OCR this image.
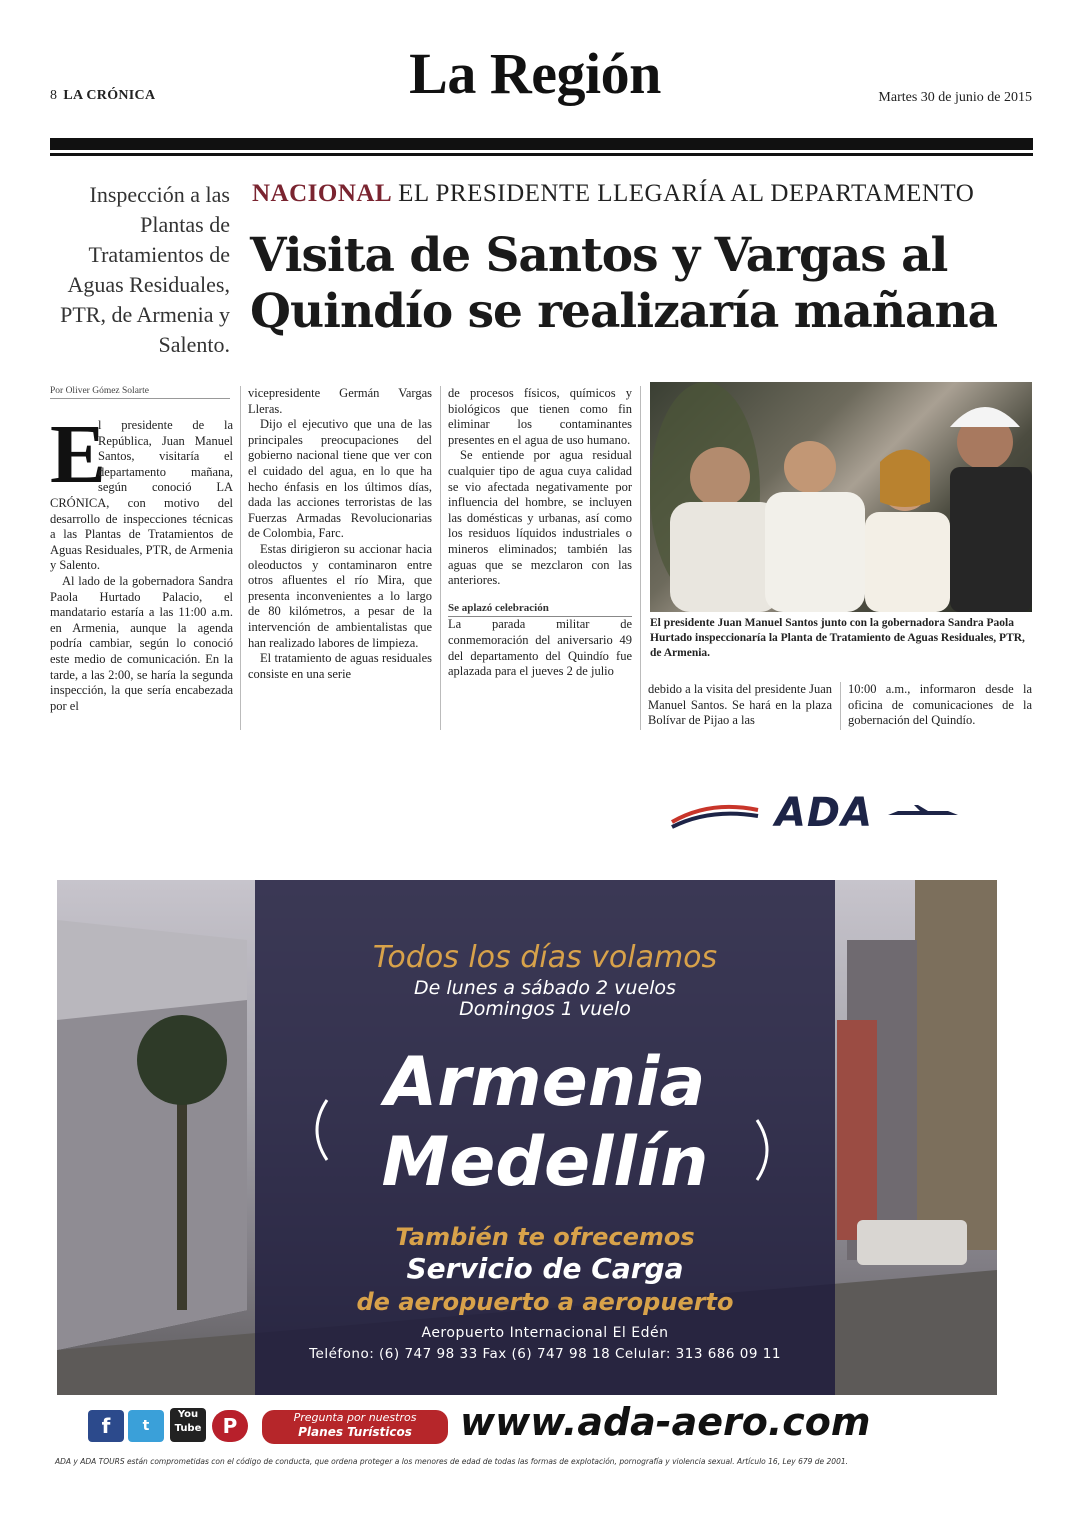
8 LA CRÓNICA	La Región	Martes 30 de junio de 2015
Inspección a las Plantas de Tratamientos de Aguas Residuales, PTR, de Armenia y Salento.
NACIONAL EL PRESIDENTE LLEGARÍA AL DEPARTAMENTO
Visita de Santos y Vargas al Quindío se realizaría mañana
Por Oliver Gómez Solarte
E

l presidente de la República, Juan Manuel Santos, visitaría el departamento mañana, según conoció LA CRÓNICA, con motivo del desarrollo de inspecciones técnicas a las Plantas de Tratamientos de Aguas Residuales, PTR, de Armenia y Salento.

Al lado de la gobernadora Sandra Paola Hurtado Palacio, el mandatario estaría a las 11:00 a.m. en Armenia, aunque la agenda podría cambiar, según lo conoció este medio de comunicación. En la tarde, a las 2:00, se haría la segunda inspección, la que sería encabezada por el

vicepresidente Germán Vargas Lleras.

Dijo el ejecutivo que una de las principales preocupaciones del gobierno nacional tiene que ver con el cuidado del agua, en lo que ha hecho énfasis en los últimos días, dada las acciones terroristas de las Fuerzas Armadas Revolucionarias de Colombia, Farc.

Estas dirigieron su accionar hacia oleoductos y contaminaron entre otros afluentes el río Mira, que presenta inconvenientes a lo largo de 80 kilómetros, a pesar de la intervención de ambientalistas que han realizado labores de limpieza.

El tratamiento de aguas residuales consiste en una serie

de procesos físicos, químicos y biológicos que tienen como fin eliminar los contaminantes presentes en el agua de uso humano.

Se entiende por agua residual cualquier tipo de agua cuya calidad se vio afectada negativamente por influencia del hombre, se incluyen las domésticas y urbanas, así como los residuos líquidos industriales o mineros eliminados; también las aguas que se mezclaron con las anteriores.

Se aplazó celebración

La parada militar de conmemoración del aniversario 49 del departamento del Quindío fue aplazada para el jueves 2 de julio

El presidente Juan Manuel Santos junto con la gobernadora Sandra Paola Hurtado inspeccionaría la Planta de Tratamiento de Aguas Residuales, PTR, de Armenia.

debido a la visita del presidente Juan Manuel Santos. Se hará en la plaza Bolívar de Pijao a las

10:00 a.m., informaron desde la oficina de comunicaciones de la gobernación del Quindío.

ADA
Todos los días volamos
De lunes a sábado 2 vuelos
Domingos 1 vuelo
Armenia
Medellín
También te ofrecemos
Servicio de Carga
de aeropuerto a aeropuerto
Aeropuerto Internacional El Edén
Teléfono: (6) 747 98 33 Fax (6) 747 98 18 Celular: 313 686 09 11
f	t
You Tube	P	Pregunta por nuestros
Planes Turísticos	www.ada-aero.com
ADA y ADA TOURS están comprometidas con el código de conducta, que ordena proteger a los menores de edad de todas las formas de explotación, pornografía y violencia sexual. Artículo 16, Ley 679 de 2001.
